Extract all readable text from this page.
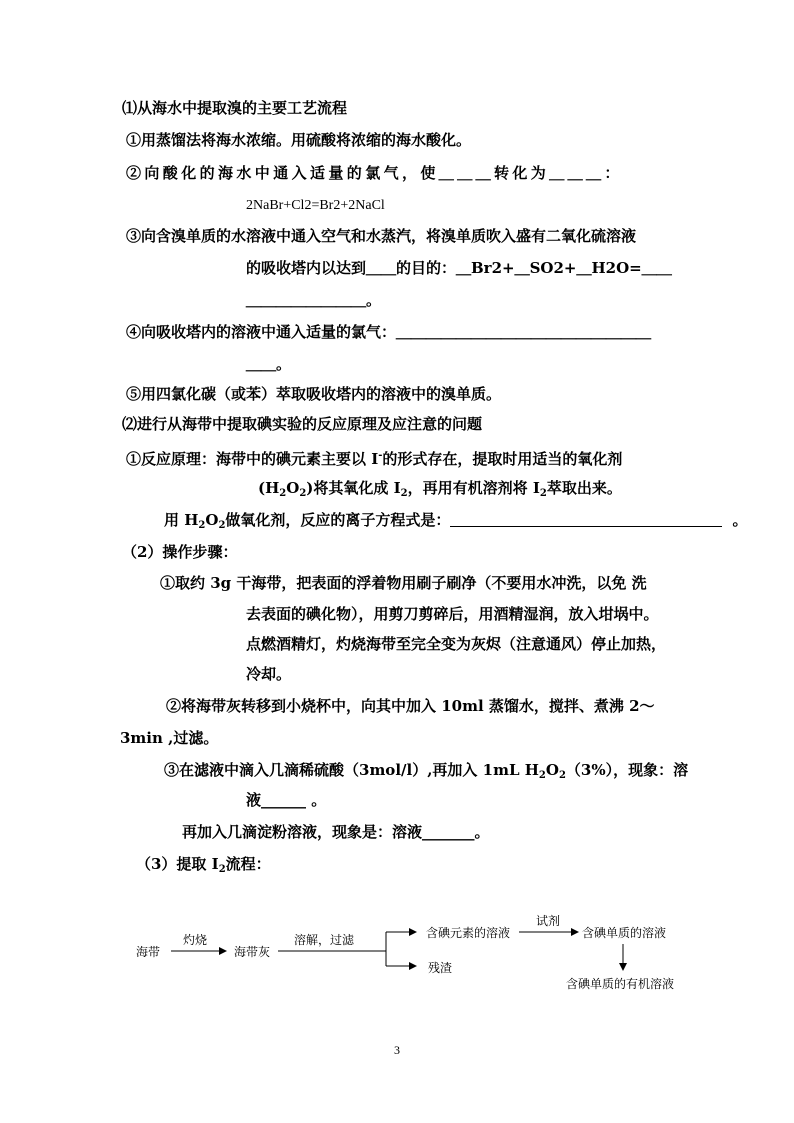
⑴从海水中提取溴的主要工艺流程
①用蒸馏法将海水浓缩。用硫酸将浓缩的海水酸化。
②向酸化的海水中通入适量的氯气，使＿＿＿转化为＿＿＿：
2NaBr+Cl2=Br2+2NaCl
③向含溴单质的水溶液中通入空气和水蒸汽，将溴单质吹入盛有二氧化硫溶液
的吸收塔内以达到＿＿的目的：＿Br2+＿SO2+＿H2O=＿＿
＿＿＿＿＿＿＿＿。
④向吸收塔内的溶液中通入适量的氯气：＿＿＿＿＿＿＿＿＿＿＿＿＿＿＿＿＿
＿＿。
⑤用四氯化碳（或苯）萃取吸收塔内的溶液中的溴单质。
⑵进行从海带中提取碘实验的反应原理及应注意的问题
①反应原理：海带中的碘元素主要以 I-的形式存在，提取时用适当的氧化剂
$(H_2O_2)$将其氧化成 $I_2$，再用有机溶剂将 $I_2$萃取出来。
用 $H_2O_2$做氧化剂，反应的离子方程式是：	。
（2）操作步骤：
①取约 3g 干海带，把表面的浮着物用刷子刷净（不要用水冲洗，以免 洗
去表面的碘化物），用剪刀剪碎后，用酒精湿润，放入坩埚中。
点燃酒精灯，灼烧海带至完全变为灰烬（注意通风）停止加热，
冷却。
②将海带灰转移到小烧杯中，向其中加入 10ml 蒸馏水，搅拌、煮沸 2～
3min ,过滤。
③在滤液中滴入几滴稀硫酸（3mol/l）,再加入 1mL $H_2O_2(3\%)$，现象：溶
液______ 。
再加入几滴淀粉溶液，现象是：溶液_______。
（3）提取 $I_2$流程：
海带
灼烧
海带灰
溶解，过滤	含碘元素的溶液
残渣
试剂
含碘单质的溶液
含碘单质的有机溶液
3
